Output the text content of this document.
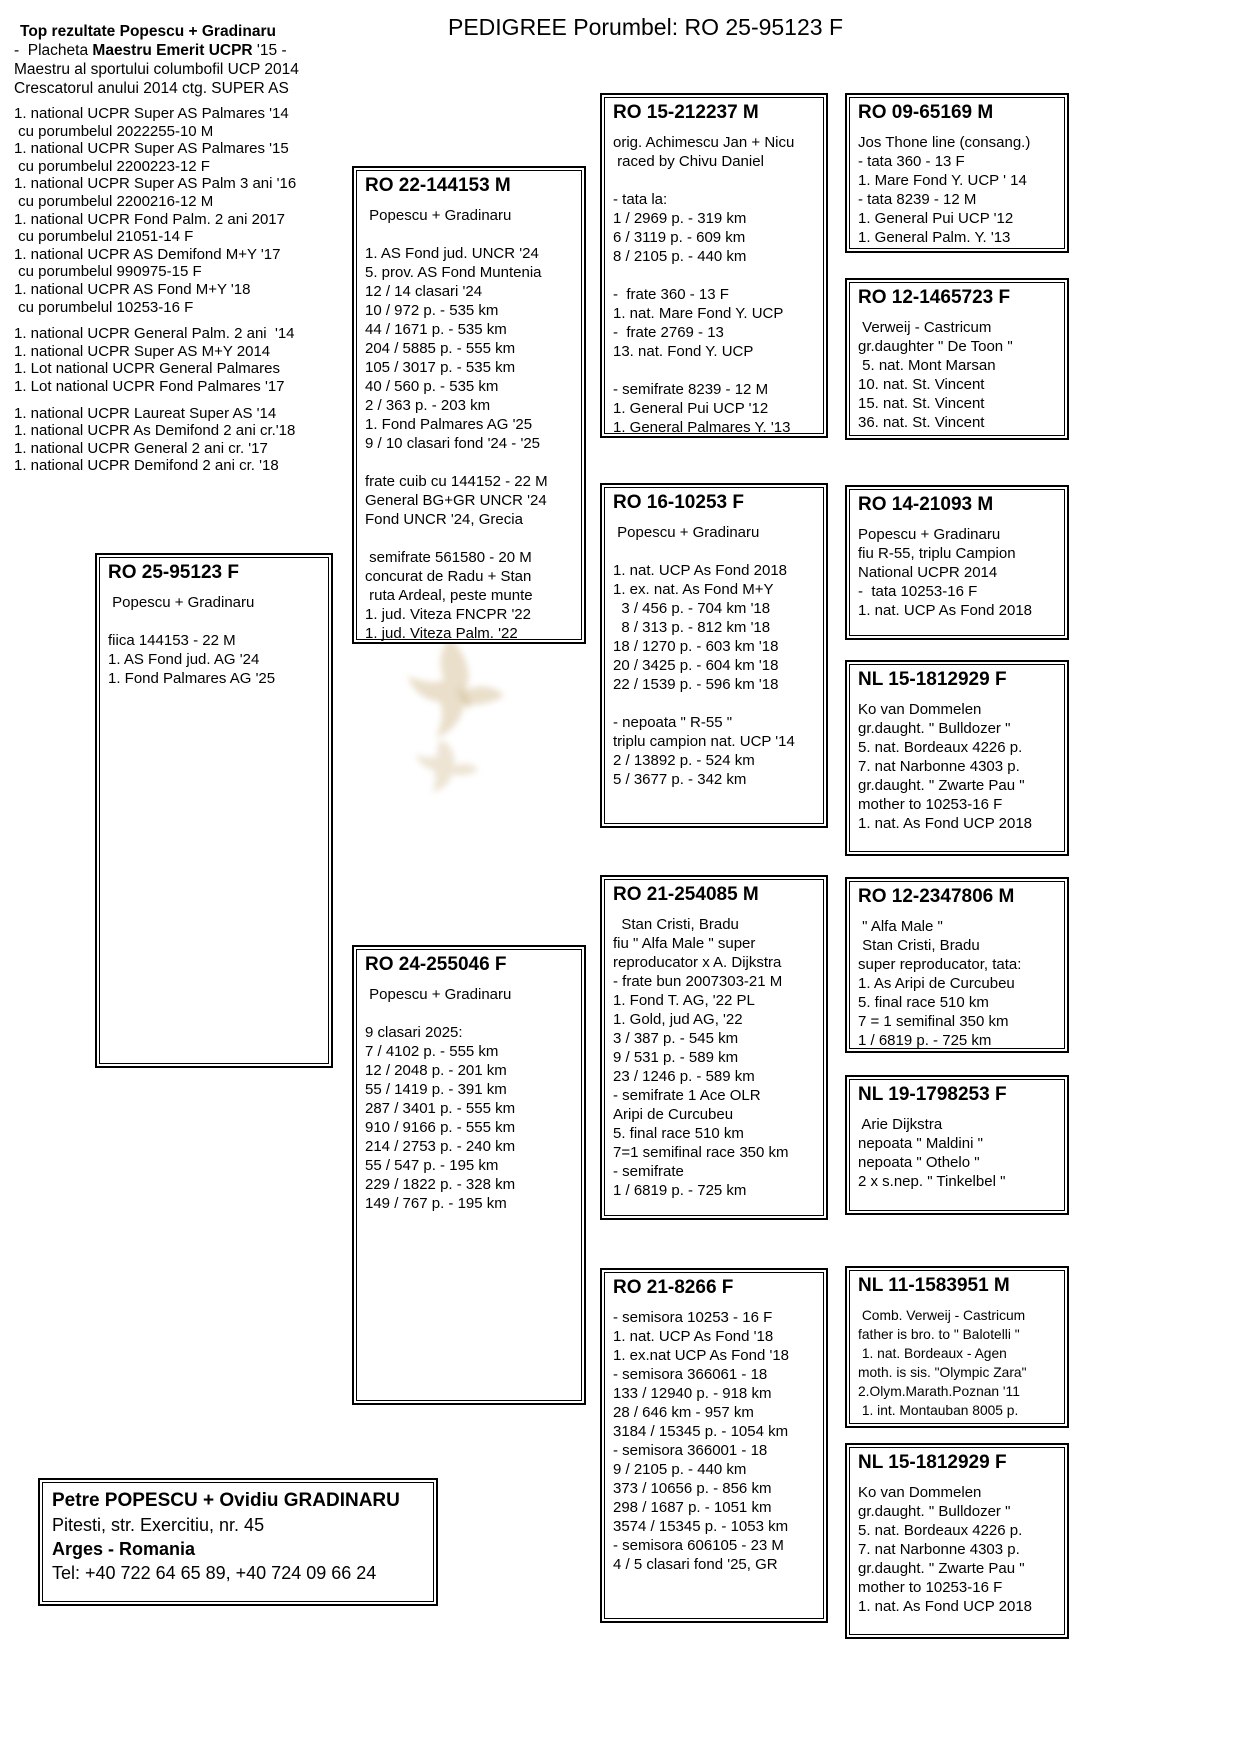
PEDIGREE Porumbel: RO 25-95123 F
Top rezultate Popescu + Gradinaru
-  Placheta Maestru Emerit UCPR '15 -
Maestru al sportului columbofil UCP 2014
Crescatorul anului 2014 ctg. SUPER AS
1. national UCPR Super AS Palmares '14
cu porumbelul 2022255-10 M
1. national UCPR Super AS Palmares '15
cu porumbelul 2200223-12 F
1. national UCPR Super AS Palm 3 ani '16
cu porumbelul 2200216-12 M
1. national UCPR Fond Palm. 2 ani 2017
cu porumbelul 21051-14 F
1. national UCPR AS Demifond M+Y '17
cu porumbelul 990975-15 F
1. national UCPR AS Fond M+Y '18
cu porumbelul 10253-16 F
1. national UCPR General Palm. 2 ani  '14
1. national UCPR Super AS M+Y 2014
1. Lot national UCPR General Palmares
1. Lot national UCPR Fond Palmares '17
1. national UCPR Laureat Super AS '14
1. national UCPR As Demifond 2 ani cr.'18
1. national UCPR General 2 ani cr. '17
1. national UCPR Demifond 2 ani cr. '18
RO 25-95123 F
Popescu + Gradinaru
fiica 144153 - 22 M
1. AS Fond jud. AG '24
1. Fond Palmares AG '25
RO 22-144153 M
Popescu + Gradinaru
1. AS Fond jud. UNCR '24
5. prov. AS Fond Muntenia
12 / 14 clasari '24
10 / 972 p. - 535 km
44 / 1671 p. - 535 km
204 / 5885 p. - 555 km
105 / 3017 p. - 535 km
40 / 560 p. - 535 km
2 / 363 p. - 203 km
1. Fond Palmares AG '25
9 / 10 clasari fond '24 - '25
frate cuib cu 144152 - 22 M
General BG+GR UNCR '24
Fond UNCR '24, Grecia
semifrate 561580 - 20 M
concurat de Radu + Stan
ruta Ardeal, peste munte
1. jud. Viteza FNCPR '22
1. jud. Viteza Palm. '22
RO 24-255046 F
Popescu + Gradinaru
9 clasari 2025:
7 / 4102 p. - 555 km
12 / 2048 p. - 201 km
55 / 1419 p. - 391 km
287 / 3401 p. - 555 km
910 / 9166 p. - 555 km
214 / 2753 p. - 240 km
55 / 547 p. - 195 km
229 / 1822 p. - 328 km
149 / 767 p. - 195 km
RO 15-212237 M
orig. Achimescu Jan + Nicu
raced by Chivu Daniel
- tata la:
1 / 2969 p. - 319 km
6 / 3119 p. - 609 km
8 / 2105 p. - 440 km
-  frate 360 - 13 F
1. nat. Mare Fond Y. UCP
-  frate 2769 - 13
13. nat. Fond Y. UCP
- semifrate 8239 - 12 M
1. General Pui UCP '12
1. General Palmares Y. '13
RO 16-10253 F
Popescu + Gradinaru
1. nat. UCP As Fond 2018
1. ex. nat. As Fond M+Y
3 / 456 p. - 704 km '18
8 / 313 p. - 812 km '18
18 / 1270 p. - 603 km '18
20 / 3425 p. - 604 km '18
22 / 1539 p. - 596 km '18
- nepoata " R-55 "
triplu campion nat. UCP '14
2 / 13892 p. - 524 km
5 / 3677 p. - 342 km
RO 21-254085 M
Stan Cristi, Bradu
fiu " Alfa Male " super
reproducator x A. Dijkstra
- frate bun 2007303-21 M
1. Fond T. AG, '22 PL
1. Gold, jud AG, '22
3 / 387 p. - 545 km
9 / 531 p. - 589 km
23 / 1246 p. - 589 km
- semifrate 1 Ace OLR
Aripi de Curcubeu
5. final race 510 km
7=1 semifinal race 350 km
- semifrate
1 / 6819 p. - 725 km
RO 21-8266 F
- semisora 10253 - 16 F
1. nat. UCP As Fond '18
1. ex.nat UCP As Fond '18
- semisora 366061 - 18
133 / 12940 p. - 918 km
28 / 646 km - 957 km
3184 / 15345 p. - 1054 km
- semisora 366001 - 18
9 / 2105 p. - 440 km
373 / 10656 p. - 856 km
298 / 1687 p. - 1051 km
3574 / 15345 p. - 1053 km
- semisora 606105 - 23 M
4 / 5 clasari fond '25, GR
RO 09-65169 M
Jos Thone line (consang.)
- tata 360 - 13 F
1. Mare Fond Y. UCP ' 14
- tata 8239 - 12 M
1. General Pui UCP '12
1. General Palm. Y. '13
RO 12-1465723 F
Verweij - Castricum
gr.daughter " De Toon "
5. nat. Mont Marsan
10. nat. St. Vincent
15. nat. St. Vincent
36. nat. St. Vincent
RO 14-21093 M
Popescu + Gradinaru
fiu R-55, triplu Campion
National UCPR 2014
-  tata 10253-16 F
1. nat. UCP As Fond 2018
NL 15-1812929 F
Ko van Dommelen
gr.daught. " Bulldozer "
5. nat. Bordeaux 4226 p.
7. nat Narbonne 4303 p.
gr.daught. " Zwarte Pau "
mother to 10253-16 F
1. nat. As Fond UCP 2018
RO 12-2347806 M
" Alfa Male "
Stan Cristi, Bradu
super reproducator, tata:
1. As Aripi de Curcubeu
5. final race 510 km
7 = 1 semifinal 350 km
1 / 6819 p. - 725 km
NL 19-1798253 F
Arie Dijkstra
nepoata " Maldini "
nepoata " Othelo "
2 x s.nep. " Tinkelbel "
NL 11-1583951 M
Comb. Verweij - Castricum
father is bro. to " Balotelli "
1. nat. Bordeaux - Agen
moth. is sis. "Olympic Zara"
2.Olym.Marath.Poznan '11
1. int. Montauban 8005 p.
NL 15-1812929 F
Ko van Dommelen
gr.daught. " Bulldozer "
5. nat. Bordeaux 4226 p.
7. nat Narbonne 4303 p.
gr.daught. " Zwarte Pau "
mother to 10253-16 F
1. nat. As Fond UCP 2018
Petre POPESCU + Ovidiu GRADINARU
Pitesti, str. Exercitiu, nr. 45
Arges - Romania
Tel: +40 722 64 65 89, +40 724 09 66 24
